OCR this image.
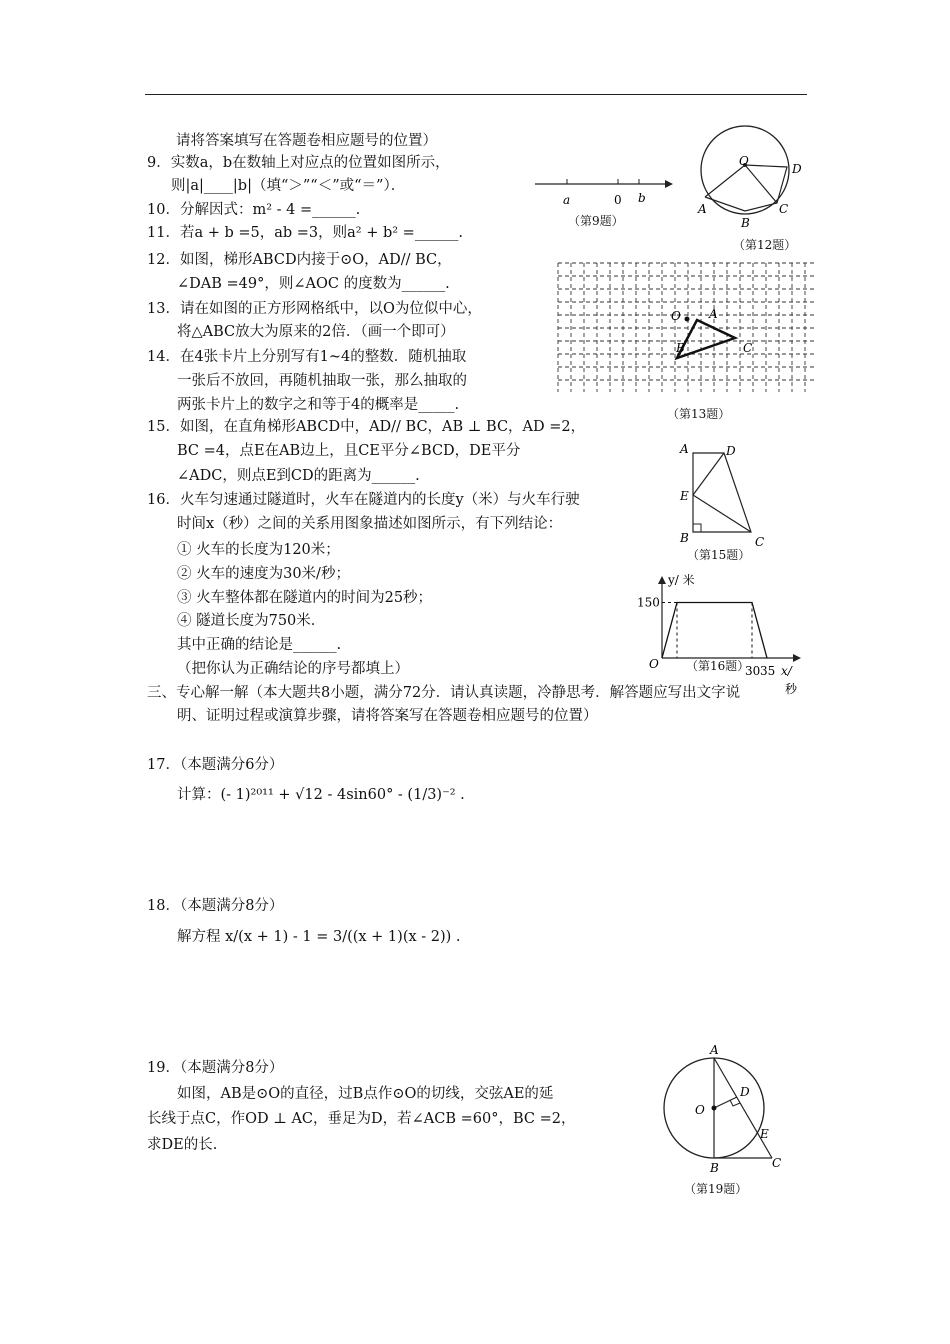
请将答案填写在答题卷相应题号的位置）
9．实数a，b在数轴上对应点的位置如图所示，
则|a|____|b|（填“＞”“＜”或“＝”）．
10．分解因式：m² - 4 =______.
11．若a + b =5，ab =3，则a² + b² =______.
12．如图，梯形ABCD内接于⊙O，AD// BC，
∠DAB =49°，则∠AOC 的度数为______.
13．请在如图的正方形网格纸中，以O为位似中心，
将△ABC放大为原来的2倍．（画一个即可）
14．在4张卡片上分别写有1~4的整数．随机抽取
一张后不放回，再随机抽取一张，那么抽取的
两张卡片上的数字之和等于4的概率是_____.
15．如图，在直角梯形ABCD中，AD// BC，AB ⊥ BC，AD =2，
BC =4，点E在AB边上，且CE平分∠BCD，DE平分
∠ADC，则点E到CD的距离为______.
16．火车匀速通过隧道时，火车在隧道内的长度y（米）与火车行驶
时间x（秒）之间的关系用图象描述如图所示，有下列结论：
① 火车的长度为120米；
② 火车的速度为30米/秒；
③ 火车整体都在隧道内的时间为25秒；
④ 隧道长度为750米．
其中正确的结论是______.
（把你认为正确结论的序号都填上）
三、专心解一解（本大题共8小题，满分72分．请认真读题，冷静思考．解答题应写出文字说
明、证明过程或演算步骤，请将答案写在答题卷相应题号的位置）
17．（本题满分6分）
计算：(- 1)²⁰¹¹ + √12 - 4sin60° - (1/3)⁻² .
18．（本题满分8分）
解方程 x/(x + 1) - 1 = 3/((x + 1)(x - 2)) .
19．（本题满分8分）
如图，AB是⊙O的直径，过B点作⊙O的切线，交弦AE的延
长线于点C，作OD ⊥ AC，垂足为D，若∠ACB =60°，BC =2，
求DE的长.
a	0 b
（第9题）
O
A
B
C
D
（第12题）
O A
B	C
（第13题）
A	D
E
B	C
（第15题）
y/ 米
O
150
30 35 x/
秒
（第16题）
A
D
O
E
B	C
（第19题）
